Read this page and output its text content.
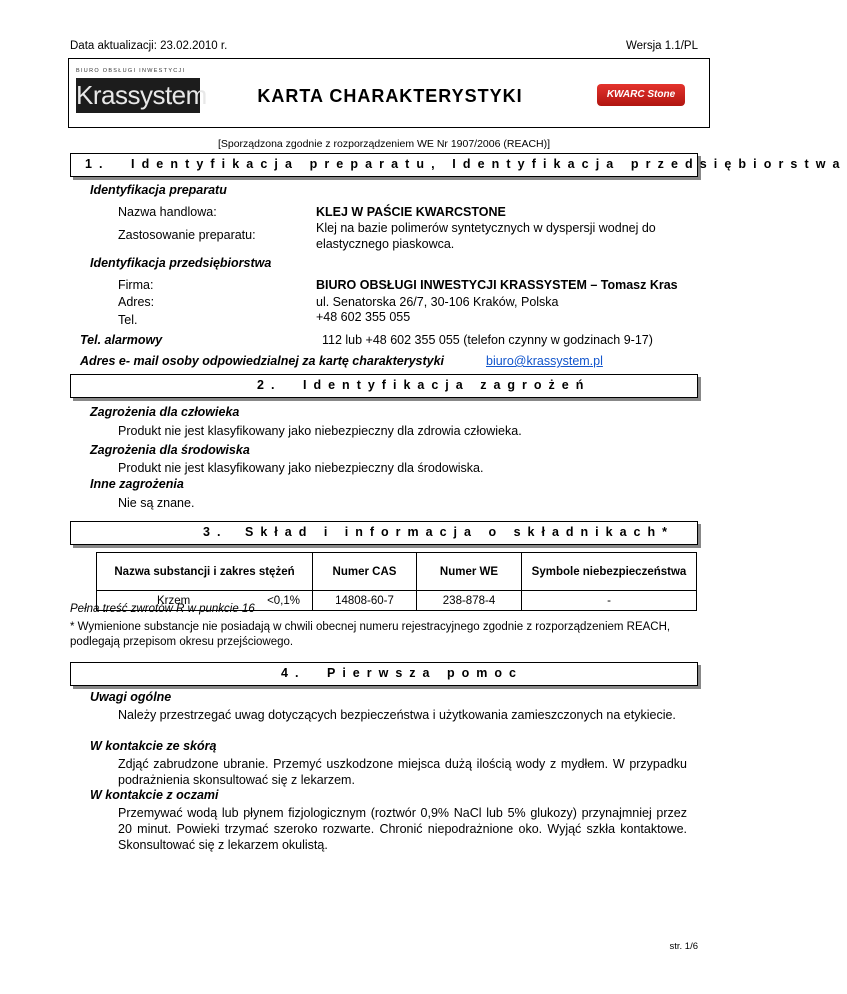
Data aktualizacji: 23.02.2010 r.	Wersja 1.1/PL
BIURO OBSŁUGI INWESTYCJI
Krassystem	KARTA CHARAKTERYSTYKI	KWARC Stone
[Sporządzona zgodnie z rozporządzeniem WE Nr 1907/2006 (REACH)]
1. Identyfikacja preparatu, Identyfikacja przedsiębiorstwa
Identyfikacja preparatu
Nazwa handlowa:	KLEJ W PAŚCIE KWARCSTONE
Zastosowanie preparatu:	Klej na bazie polimerów syntetycznych w dyspersji wodnej do elastycznego piaskowca.
Identyfikacja przedsiębiorstwa
Firma:	BIURO OBSŁUGI INWESTYCJI KRASSYSTEM – Tomasz Kras
Adres:	ul. Senatorska 26/7, 30-106 Kraków, Polska
Tel.	+48 602 355 055
Tel. alarmowy	112 lub +48 602 355 055 (telefon czynny w godzinach 9-17)
Adres e- mail osoby odpowiedzialnej za kartę charakterystyki	biuro@krassystem.pl
2. Identyfikacja zagrożeń
Zagrożenia dla człowieka
Produkt nie jest klasyfikowany jako niebezpieczny dla zdrowia człowieka.
Zagrożenia dla środowiska
Produkt nie jest klasyfikowany jako niebezpieczny dla środowiska.
Inne zagrożenia
Nie są znane.
3. Skład i informacja o składnikach*
Nazwa substancji i zakres stężeń		Numer CAS	Numer WE	Symbole niebezpieczeństwa
Krzem	<0,1%	14808-60-7	238-878-4	-
Pełna treść zwrotów R w punkcie 16
* Wymienione substancje nie posiadają w chwili obecnej numeru rejestracyjnego zgodnie z rozporządzeniem REACH, podlegają przepisom okresu przejściowego.
4. Pierwsza pomoc
Uwagi ogólne
Należy przestrzegać uwag dotyczących bezpieczeństwa i użytkowania zamieszczonych na etykiecie.
W kontakcie ze skórą
Zdjąć zabrudzone ubranie. Przemyć uszkodzone miejsca dużą ilością wody z mydłem. W przypadku podrażnienia skonsultować się z lekarzem.
W kontakcie z oczami
Przemywać wodą lub płynem fizjologicznym (roztwór 0,9% NaCl lub 5% glukozy) przynajmniej przez 20 minut. Powieki trzymać szeroko rozwarte. Chronić niepodrażnione oko. Wyjąć szkła kontaktowe. Skonsultować się z lekarzem okulistą.
str. 1/6
